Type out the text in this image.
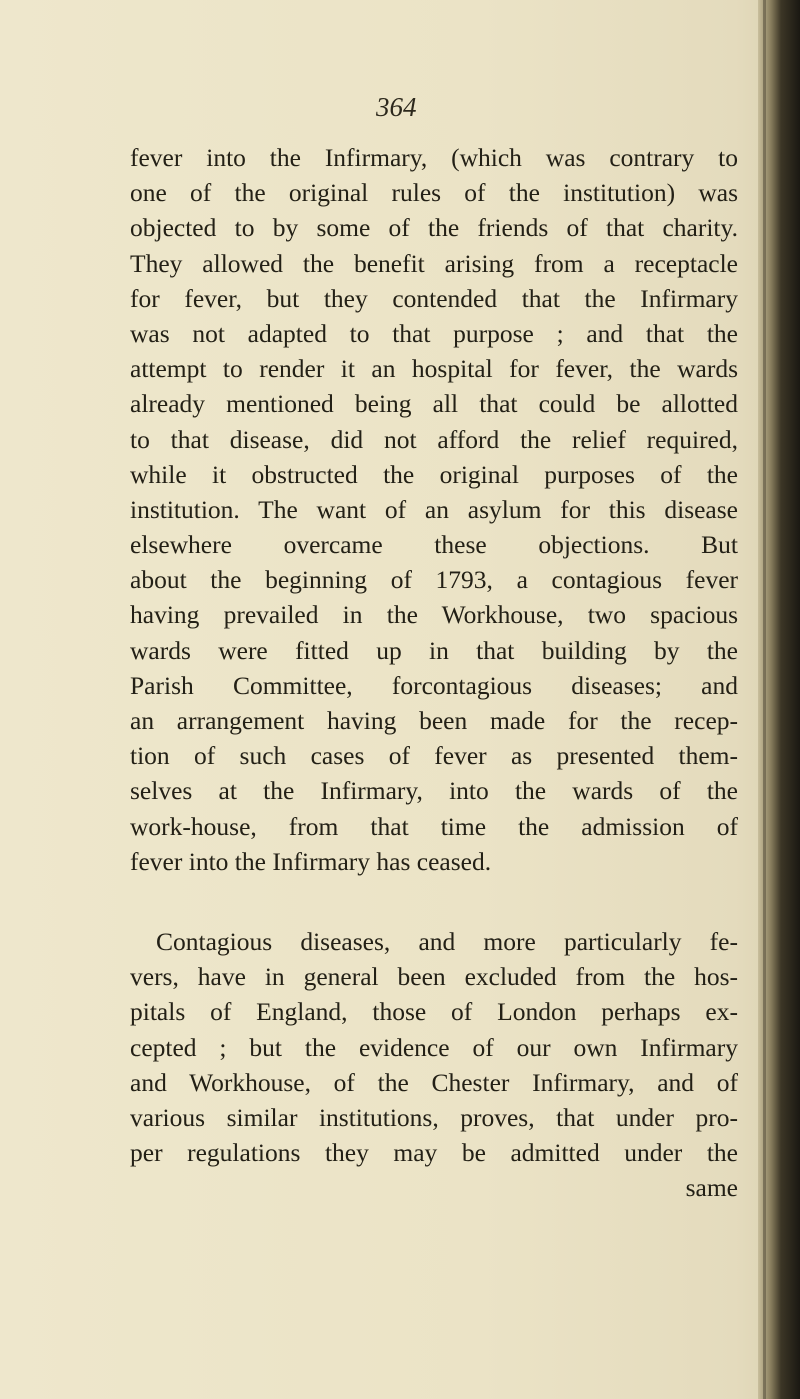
364
fever into the Infirmary, (which was contrary to
one of the original rules of the institution) was
objected to by some of the friends of that charity.
They allowed the benefit arising from a receptacle
for fever, but they contended that the Infirmary
was not adapted to that purpose ; and that the
attempt to render it an hospital for fever, the wards
already mentioned being all that could be allotted
to that disease, did not afford the relief required,
while it obstructed the original purposes of the
institution. The want of an asylum for this disease
elsewhere overcame these objections. But
about the beginning of 1793, a contagious fever
having prevailed in the Workhouse, two spacious
wards were fitted up in that building by the
Parish Committee, forcontagious diseases; and
an arrangement having been made for the recep-
tion of such cases of fever as presented them-
selves at the Infirmary, into the wards of the
work-house, from that time the admission of
fever into the Infirmary has ceased.
Contagious diseases, and more particularly fe-
vers, have in general been excluded from the hos-
pitals of England, those of London perhaps ex-
cepted ; but the evidence of our own Infirmary
and Workhouse, of the Chester Infirmary, and of
various similar institutions, proves, that under pro-
per regulations they may be admitted under the
same
